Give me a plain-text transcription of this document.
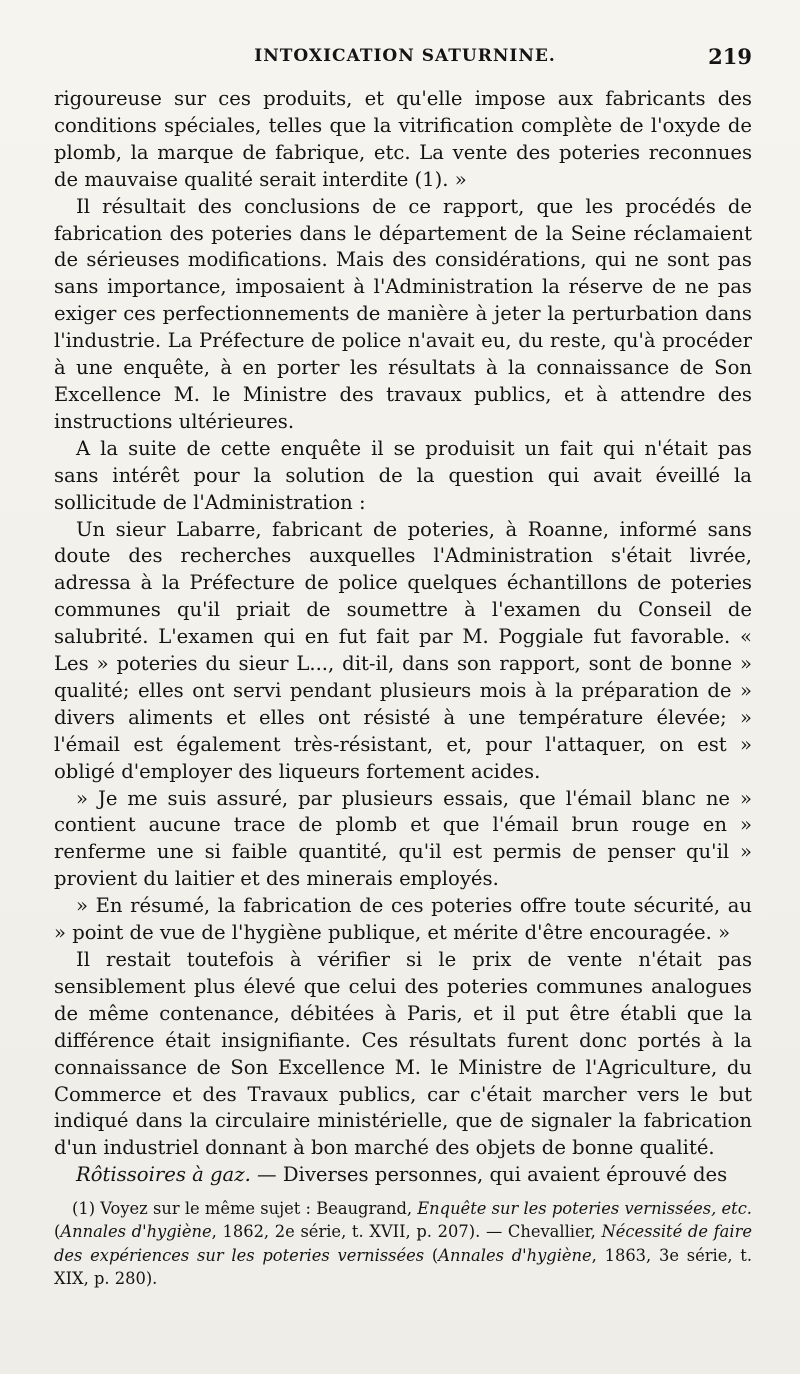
INTOXICATION SATURNINE.	219

rigoureuse sur ces produits, et qu'elle impose aux fabricants des conditions spéciales, telles que la vitrification complète de l'oxyde de plomb, la marque de fabrique, etc. La vente des poteries reconnues de mauvaise qualité serait interdite (1). »

Il résultait des conclusions de ce rapport, que les procédés de fabrication des poteries dans le département de la Seine réclamaient de sérieuses modifications. Mais des considérations, qui ne sont pas sans importance, imposaient à l'Administration la réserve de ne pas exiger ces perfectionnements de manière à jeter la perturbation dans l'industrie. La Préfecture de police n'avait eu, du reste, qu'à procéder à une enquête, à en porter les résultats à la connaissance de Son Excellence M. le Ministre des travaux publics, et à attendre des instructions ultérieures.

A la suite de cette enquête il se produisit un fait qui n'était pas sans intérêt pour la solution de la question qui avait éveillé la sollicitude de l'Administration :

Un sieur Labarre, fabricant de poteries, à Roanne, informé sans doute des recherches auxquelles l'Administration s'était livrée, adressa à la Préfecture de police quelques échantillons de poteries communes qu'il priait de soumettre à l'examen du Conseil de salubrité. L'examen qui en fut fait par M. Poggiale fut favorable. « Les » poteries du sieur L..., dit-il, dans son rapport, sont de bonne » qualité; elles ont servi pendant plusieurs mois à la préparation de » divers aliments et elles ont résisté à une température élevée; » l'émail est également très-résistant, et, pour l'attaquer, on est » obligé d'employer des liqueurs fortement acides.

» Je me suis assuré, par plusieurs essais, que l'émail blanc ne » contient aucune trace de plomb et que l'émail brun rouge en » renferme une si faible quantité, qu'il est permis de penser qu'il » provient du laitier et des minerais employés.

» En résumé, la fabrication de ces poteries offre toute sécurité, au » point de vue de l'hygiène publique, et mérite d'être encouragée. »

Il restait toutefois à vérifier si le prix de vente n'était pas sensiblement plus élevé que celui des poteries communes analogues de même contenance, débitées à Paris, et il put être établi que la différence était insignifiante. Ces résultats furent donc portés à la connaissance de Son Excellence M. le Ministre de l'Agriculture, du Commerce et des Travaux publics, car c'était marcher vers le but indiqué dans la circulaire ministérielle, que de signaler la fabrication d'un industriel donnant à bon marché des objets de bonne qualité.

Rôtissoires à gaz. — Diverses personnes, qui avaient éprouvé des

(1) Voyez sur le même sujet : Beaugrand, Enquête sur les poteries vernissées, etc. (Annales d'hygiène, 1862, 2e série, t. XVII, p. 207). — Chevallier, Nécessité de faire des expériences sur les poteries vernissées (Annales d'hygiène, 1863, 3e série, t. XIX, p. 280).
